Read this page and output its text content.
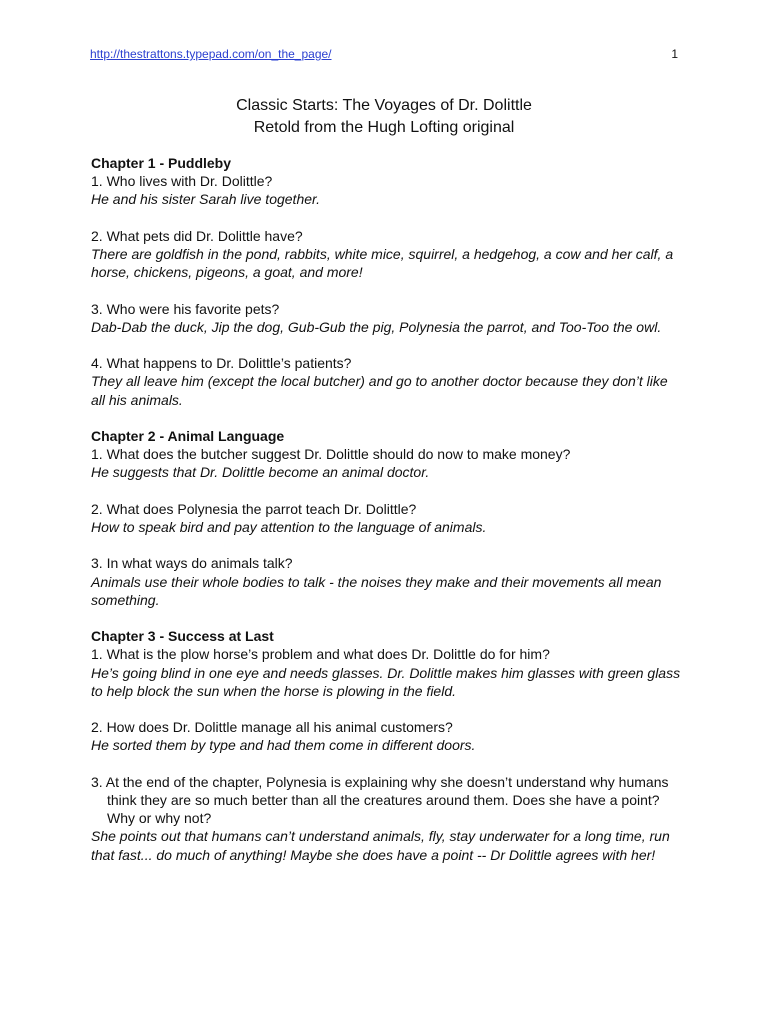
http://thestrattons.typepad.com/on_the_page/	1
Classic Starts: The Voyages of Dr. Dolittle
Retold from the Hugh Lofting original
Chapter 1 - Puddleby
1. Who lives with Dr. Dolittle?
He and his sister Sarah live together.
2. What pets did Dr. Dolittle have?
There are goldfish in the pond, rabbits, white mice, squirrel, a hedgehog, a cow and her calf, a horse, chickens, pigeons, a goat, and more!
3. Who were his favorite pets?
Dab-Dab the duck, Jip the dog, Gub-Gub the pig, Polynesia the parrot, and Too-Too the owl.
4. What happens to Dr. Dolittle’s patients?
They all leave him (except the local butcher) and go to another doctor because they don’t like all his animals.
Chapter 2 - Animal Language
1. What does the butcher suggest Dr. Dolittle should do now to make money?
He suggests that Dr. Dolittle become an animal doctor.
2. What does Polynesia the parrot teach Dr. Dolittle?
How to speak bird and pay attention to the language of animals.
3. In what ways do animals talk?
Animals use their whole bodies to talk - the noises they make and their movements all mean something.
Chapter 3 - Success at Last
1. What is the plow horse’s problem and what does Dr. Dolittle do for him?
He’s going blind in one eye and needs glasses. Dr. Dolittle makes him glasses with green glass to help block the sun when the horse is plowing in the field.
2. How does Dr. Dolittle manage all his animal customers?
He sorted them by type and had them come in different doors.
3. At the end of the chapter, Polynesia is explaining why she doesn’t understand why humans think they are so much better than all the creatures around them. Does she have a point? Why or why not?
She points out that humans can’t understand animals, fly, stay underwater for a long time, run that fast... do much of anything! Maybe she does have a point -- Dr Dolittle agrees with her!
